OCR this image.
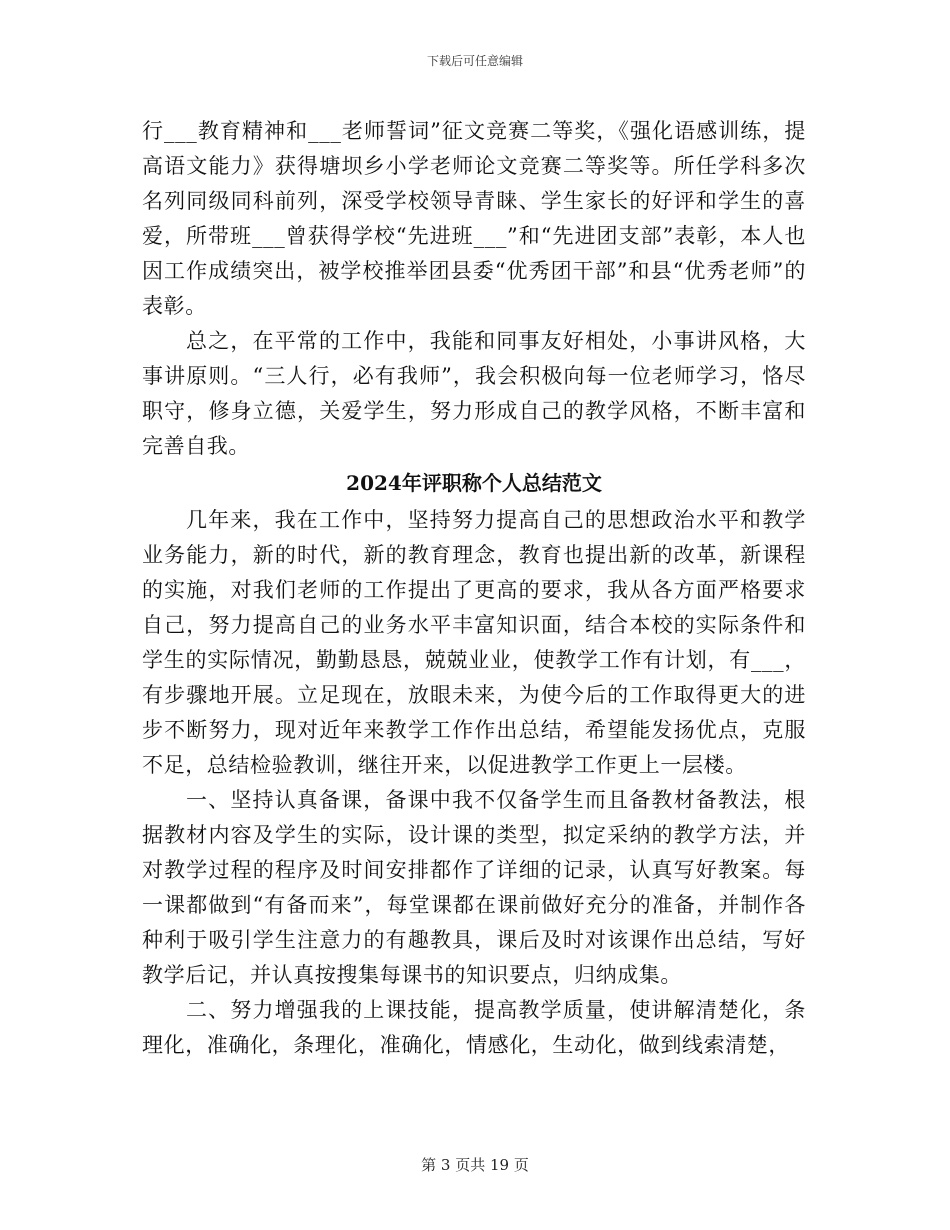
下载后可任意编辑

行___教育精神和___老师誓词”征文竞赛二等奖，《强化语感训练，提高语文能力》获得塘坝乡小学老师论文竞赛二等奖等。所任学科多次名列同级同科前列，深受学校领导青睐、学生家长的好评和学生的喜爱，所带班___曾获得学校“先进班___”和“先进团支部”表彰，本人也因工作成绩突出，被学校推举团县委“优秀团干部”和县“优秀老师”的表彰。

总之，在平常的工作中，我能和同事友好相处，小事讲风格，大事讲原则。“三人行，必有我师”，我会积极向每一位老师学习，恪尽职守，修身立德，关爱学生，努力形成自己的教学风格，不断丰富和完善自我。

2024年评职称个人总结范文

几年来，我在工作中，坚持努力提高自己的思想政治水平和教学业务能力，新的时代，新的教育理念，教育也提出新的改革，新课程的实施，对我们老师的工作提出了更高的要求，我从各方面严格要求自己，努力提高自己的业务水平丰富知识面，结合本校的实际条件和学生的实际情况，勤勤恳恳，兢兢业业，使教学工作有计划，有___，有步骤地开展。立足现在，放眼未来，为使今后的工作取得更大的进步不断努力，现对近年来教学工作作出总结，希望能发扬优点，克服不足，总结检验教训，继往开来，以促进教学工作更上一层楼。

一、坚持认真备课，备课中我不仅备学生而且备教材备教法，根据教材内容及学生的实际，设计课的类型，拟定采纳的教学方法，并对教学过程的程序及时间安排都作了详细的记录，认真写好教案。每一课都做到“有备而来”，每堂课都在课前做好充分的准备，并制作各种利于吸引学生注意力的有趣教具，课后及时对该课作出总结，写好教学后记，并认真按搜集每课书的知识要点，归纳成集。

二、努力增强我的上课技能，提高教学质量，使讲解清楚化，条理化，准确化，条理化，准确化，情感化，生动化，做到线索清楚，

第 3 页共 19 页
